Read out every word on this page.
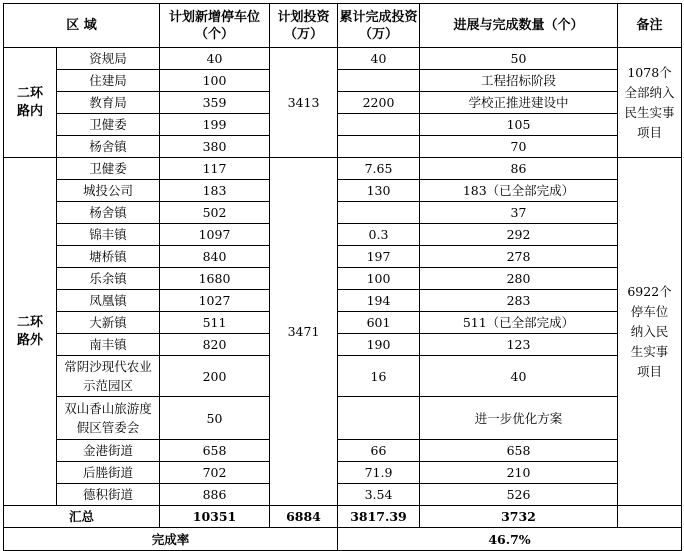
区 域		计划新增停车位（个）	计划投资（万）	累计完成投资（万）	进展与完成数量（个）	备注
二环路内	资规局	40	3413	40	50	1078个全部纳入民生实事项目
	住建局	100			工程招标阶段	
	教育局	359		2200	学校正推进建设中	
	卫健委	199			105	
	杨舍镇	380			70	
二环路外	卫健委	117	3471	7.65	86	6922个停车位纳入民生实事项目
	城投公司	183		130	183（已全部完成）	
	杨舍镇	502			37	
	锦丰镇	1097		0.3	292	
	塘桥镇	840		197	278	
	乐余镇	1680		100	280	
	凤凰镇	1027		194	283	
	大新镇	511		601	511（已全部完成）	
	南丰镇	820		190	123	
	常阴沙现代农业示范园区	200		16	40	
	双山香山旅游度假区管委会	50			进一步优化方案	
	金港街道	658		66	658	
	后塍街道	702		71.9	210	
	德积街道	886		3.54	526	
汇总		10351	6884	3817.39	3732	
完成率				46.7%		
